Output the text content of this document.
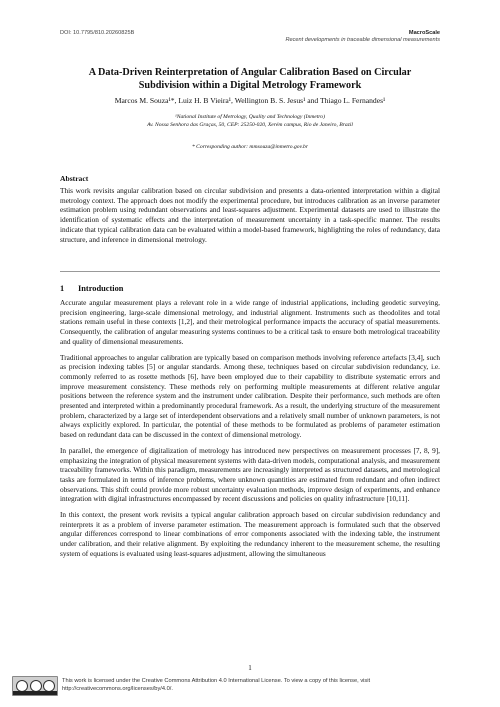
DOI: 10.7795/810.20260825B	MacroScale
Recent developments in traceable dimensional measurements
A Data-Driven Reinterpretation of Angular Calibration Based on Circular
Subdivision within a Digital Metrology Framework
Marcos M. Souza¹*, Luiz H. B Vieira¹, Wellington B. S. Jesus¹ and Thiago L. Fernandes¹
¹National Institute of Metrology, Quality and Technology (Inmetro)
Av. Nossa Senhora das Graças, 50, CEP: 25250-020, Xerém campus, Rio de Janeiro, Brazil
* Corresponding author: mmsouza@inmetro.gov.br
Abstract
This work revisits angular calibration based on circular subdivision and presents a data-oriented interpretation within a digital metrology context. The approach does not modify the experimental procedure, but introduces calibration as an inverse parameter estimation problem using redundant observations and least-squares adjustment. Experimental datasets are used to illustrate the identification of systematic effects and the interpretation of measurement uncertainty in a task-specific manner. The results indicate that typical calibration data can be evaluated within a model-based framework, highlighting the roles of redundancy, data structure, and inference in dimensional metrology.
1 Introduction

Accurate angular measurement plays a relevant role in a wide range of industrial applications, including geodetic surveying, precision engineering, large-scale dimensional metrology, and industrial alignment. Instruments such as theodolites and total stations remain useful in these contexts [1,2], and their metrological performance impacts the accuracy of spatial measurements. Consequently, the calibration of angular measuring systems continues to be a critical task to ensure both metrological traceability and quality of dimensional measurements.

Traditional approaches to angular calibration are typically based on comparison methods involving reference artefacts [3,4], such as precision indexing tables [5] or angular standards. Among these, techniques based on circular subdivision redundancy, i.e. commonly referred to as rosette methods [6], have been employed due to their capability to distribute systematic errors and improve measurement consistency. These methods rely on performing multiple measurements at different relative angular positions between the reference system and the instrument under calibration. Despite their performance, such methods are often presented and interpreted within a predominantly procedural framework. As a result, the underlying structure of the measurement problem, characterized by a large set of interdependent observations and a relatively small number of unknown parameters, is not always explicitly explored. In particular, the potential of these methods to be formulated as problems of parameter estimation based on redundant data can be discussed in the context of dimensional metrology.

In parallel, the emergence of digitalization of metrology has introduced new perspectives on measurement processes [7, 8, 9], emphasizing the integration of physical measurement systems with data-driven models, computational analysis, and measurement traceability frameworks. Within this paradigm, measurements are increasingly interpreted as structured datasets, and metrological tasks are formulated in terms of inference problems, where unknown quantities are estimated from redundant and often indirect observations. This shift could provide more robust uncertainty evaluation methods, improve design of experiments, and enhance integration with digital infrastructures encompassed by recent discussions and policies on quality infrastructure [10,11].

In this context, the present work revisits a typical angular calibration approach based on circular subdivision redundancy and reinterprets it as a problem of inverse parameter estimation. The measurement approach is formulated such that the observed angular differences correspond to linear combinations of error components associated with the indexing table, the instrument under calibration, and their relative alignment. By exploiting the redundancy inherent to the measurement scheme, the resulting system of equations is evaluated using least-squares adjustment, allowing the simultaneous

1
This work is licensed under the Creative Commons Attribution 4.0 International License. To view a copy of this license, visit
http://creativecommons.org/licenses/by/4.0/.
